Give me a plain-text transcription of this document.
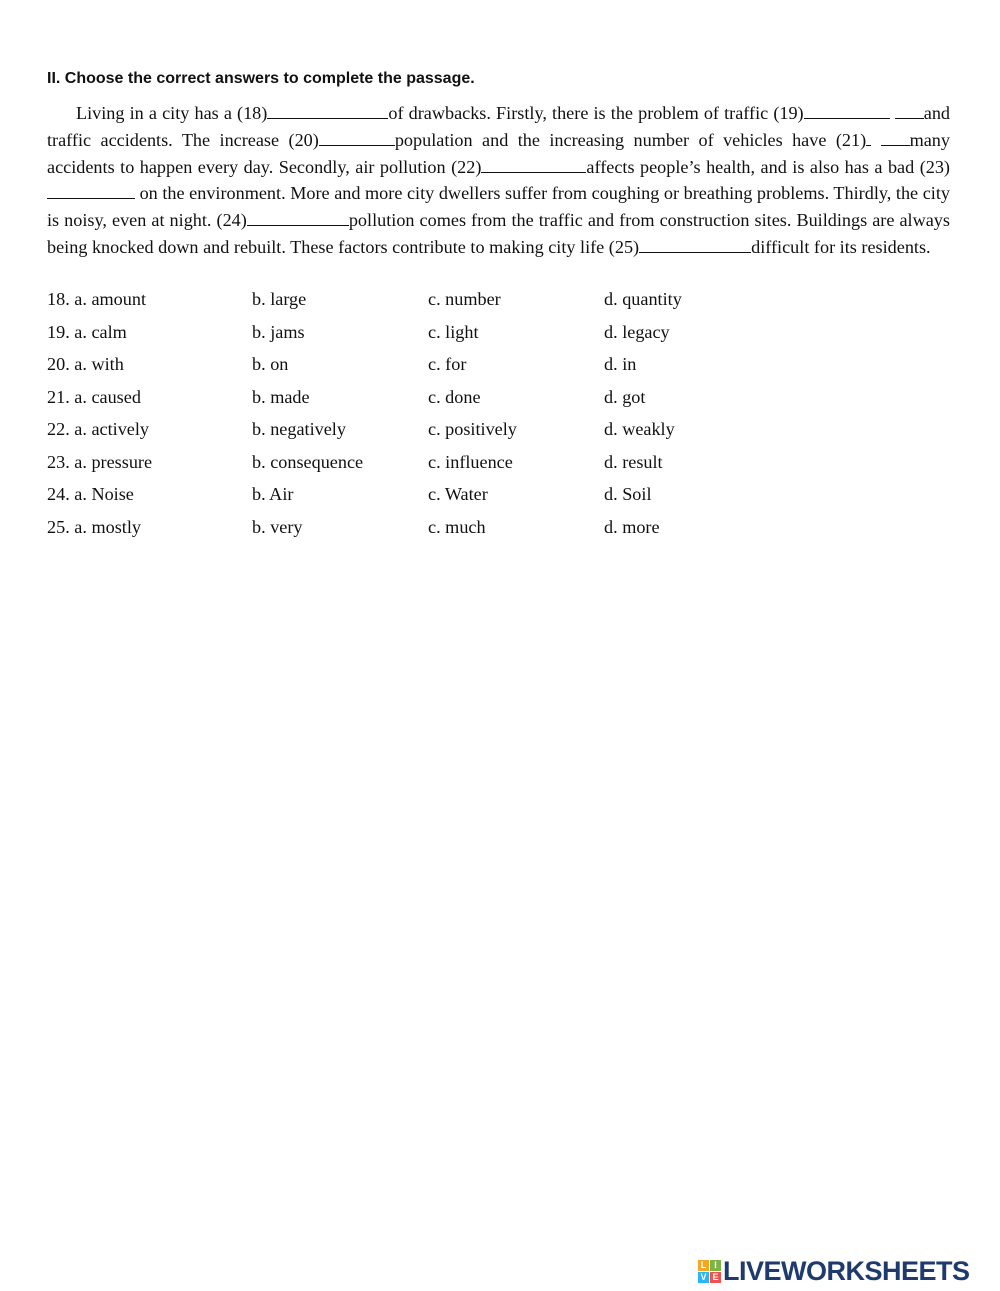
II. Choose the correct answers to complete the passage.

Living in a city has a (18)	of drawbacks. Firstly, there is the problem of traffic (19)	and traffic accidents. The increase (20)	population and the increasing number of vehicles have (21) many accidents to happen every day. Secondly, air pollution (22)	affects people’s health, and is also has a bad (23) on the environment. More and more city dwellers suffer from coughing or breathing problems. Thirdly, the city is noisy, even at night. (24)	pollution comes from the traffic and from construction sites. Buildings are always being knocked down and rebuilt. These factors contribute to making city life (25)	difficult for its residents.

18. a. amount	b. large	c. number	d. quantity
19. a. calm	b. jams	c. light	d. legacy
20. a. with	b. on	c. for	d. in
21. a. caused	b. made	c. done	d. got
22. a. actively	b. negatively	c. positively	d. weakly
23. a. pressure	b. consequence	c. influence	d. result
24. a. Noise	b. Air	c. Water	d. Soil
25. a. mostly	b. very	c. much	d. more
L I
V E LIVEWORKSHEETS
